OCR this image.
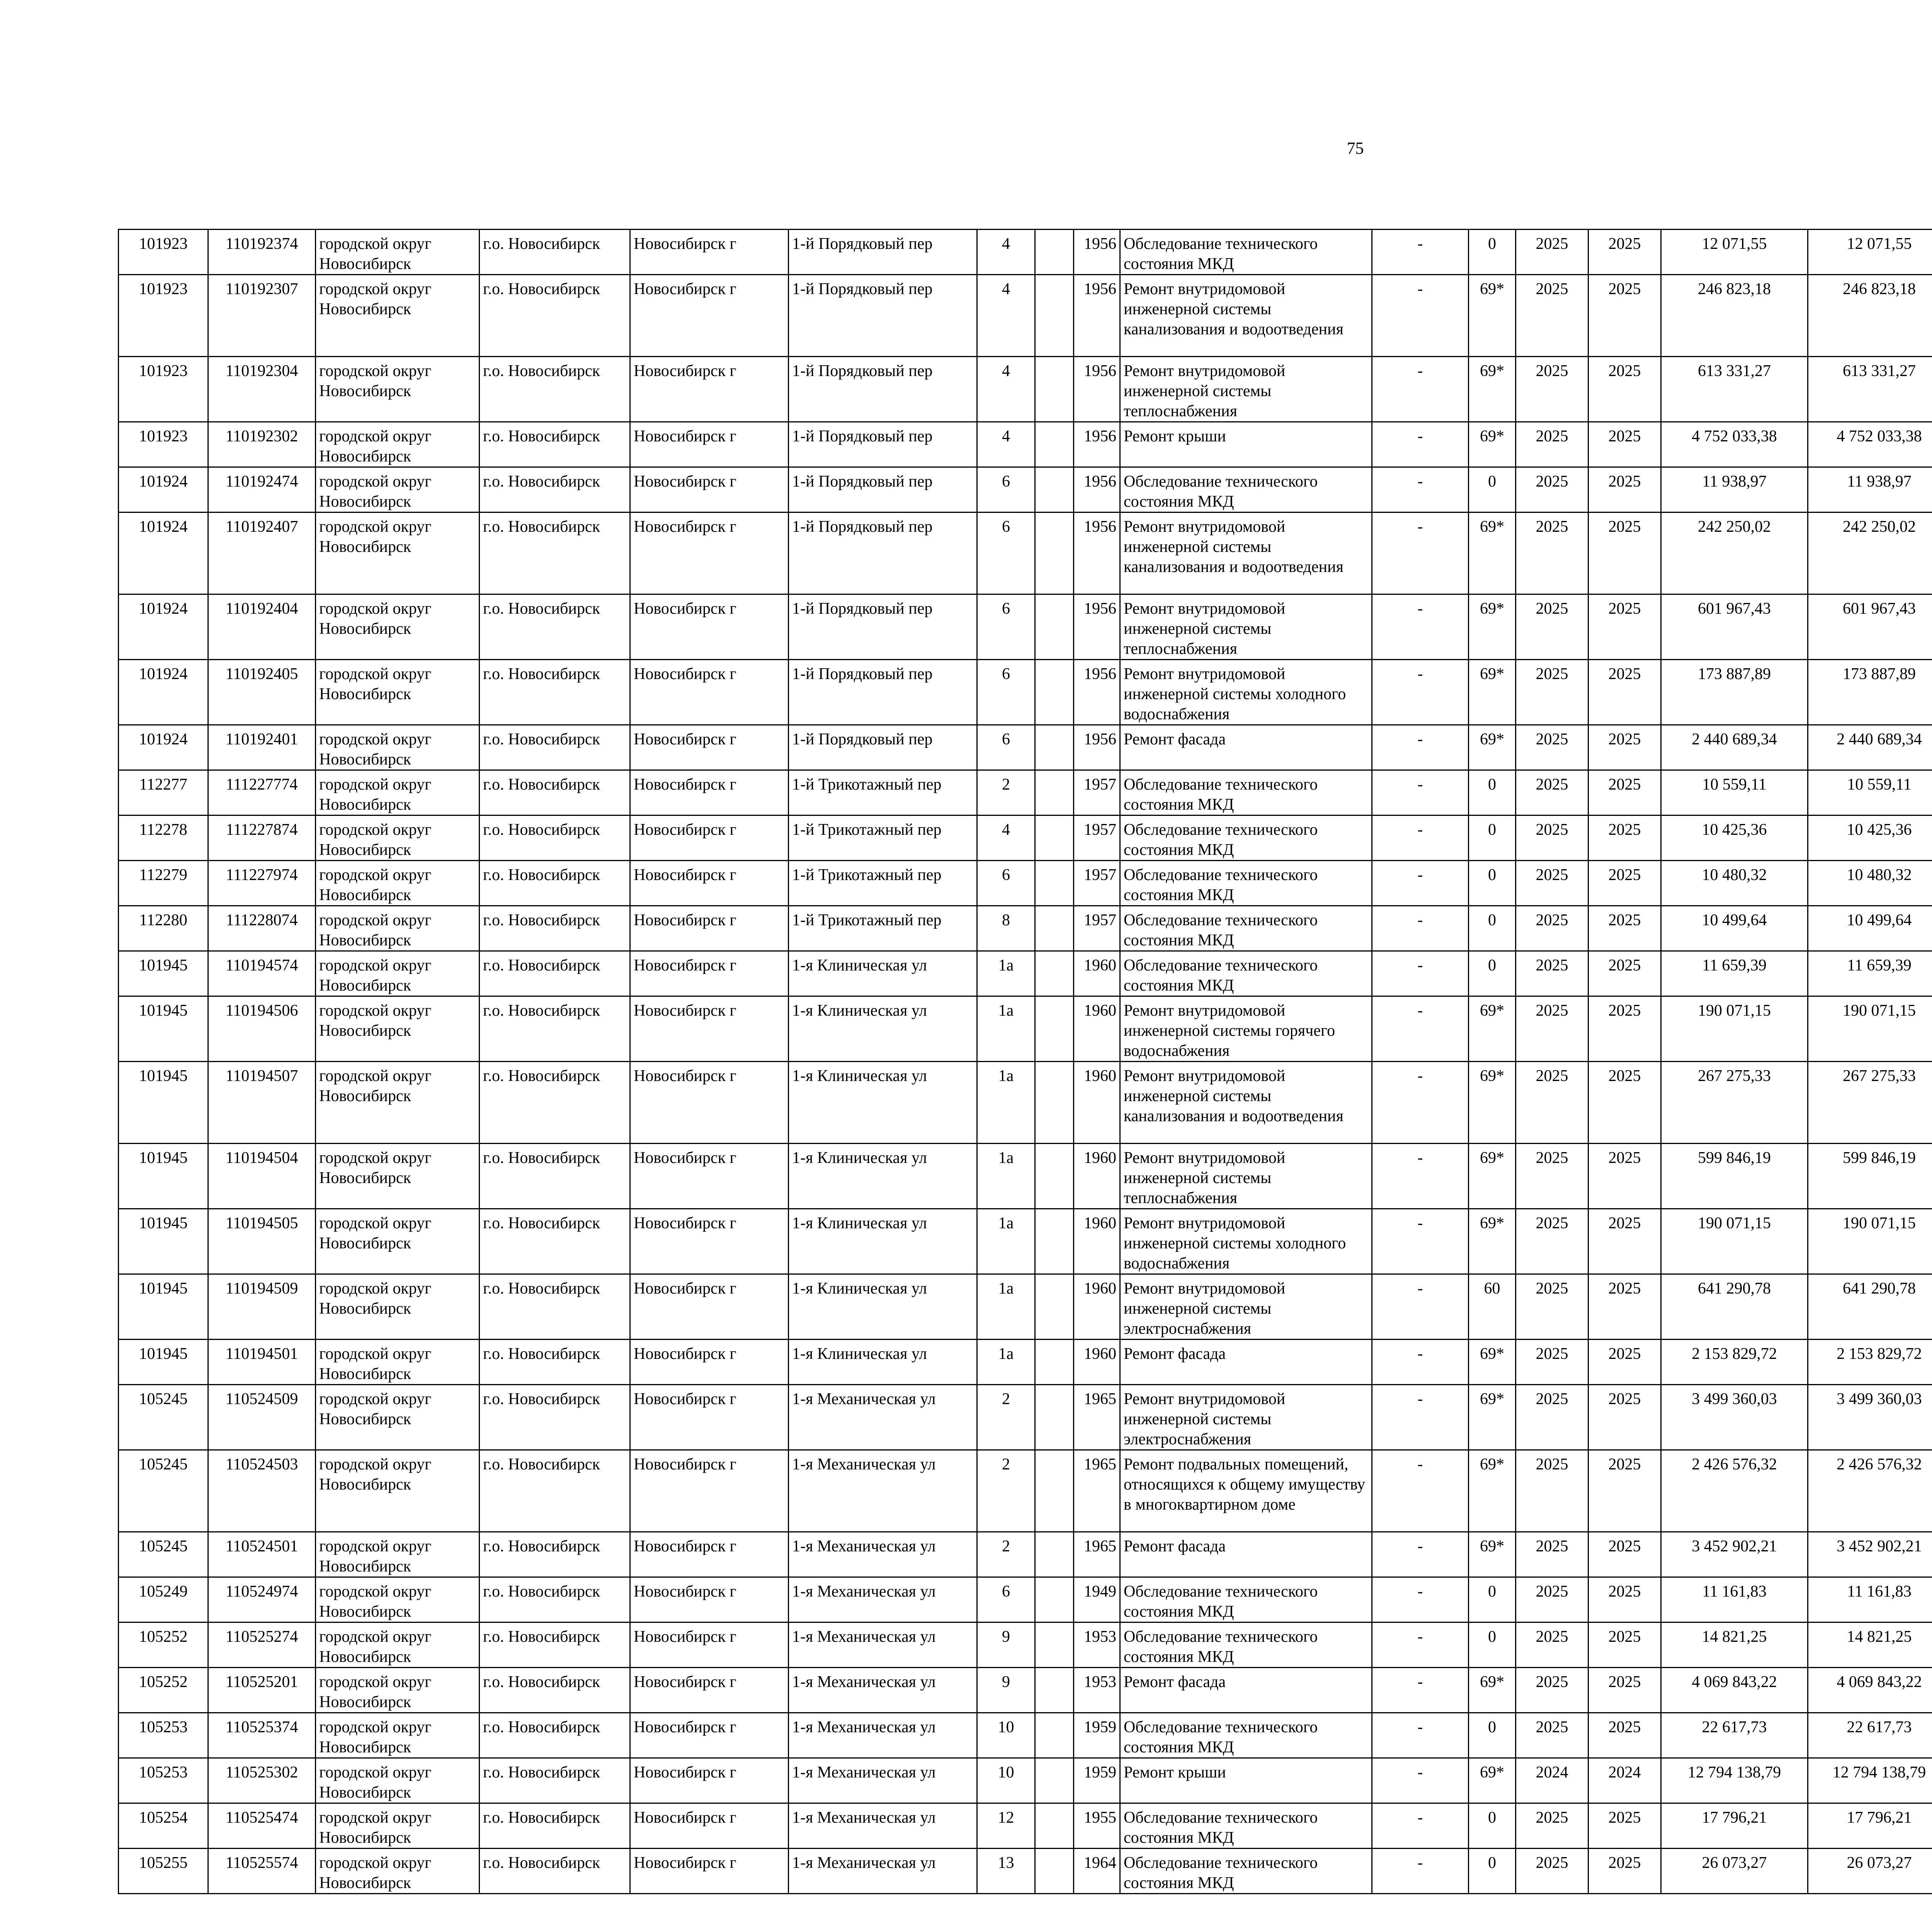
75
101923	110192374	городской округ Новосибирск	г.о. Новосибирск	Новосибирск г	1-й Порядковый пер	4		1956	Обследование технического состояния МКД	-	0	2025	2025	12 071,55	12 071,55						
101923	110192307	городской округ Новосибирск	г.о. Новосибирск	Новосибирск г	1-й Порядковый пер	4		1956	Ремонт внутридомовой инженерной системы канализования и водоотведения	-	69*	2025	2025	246 823,18	246 823,18						
101923	110192304	городской округ Новосибирск	г.о. Новосибирск	Новосибирск г	1-й Порядковый пер	4		1956	Ремонт внутридомовой инженерной системы теплоснабжения	-	69*	2025	2025	613 331,27	613 331,27						
101923	110192302	городской округ Новосибирск	г.о. Новосибирск	Новосибирск г	1-й Порядковый пер	4		1956	Ремонт крыши	-	69*	2025	2025	4 752 033,38	4 752 033,38						
101924	110192474	городской округ Новосибирск	г.о. Новосибирск	Новосибирск г	1-й Порядковый пер	6		1956	Обследование технического состояния МКД	-	0	2025	2025	11 938,97	11 938,97						
101924	110192407	городской округ Новосибирск	г.о. Новосибирск	Новосибирск г	1-й Порядковый пер	6		1956	Ремонт внутридомовой инженерной системы канализования и водоотведения	-	69*	2025	2025	242 250,02	242 250,02						
101924	110192404	городской округ Новосибирск	г.о. Новосибирск	Новосибирск г	1-й Порядковый пер	6		1956	Ремонт внутридомовой инженерной системы теплоснабжения	-	69*	2025	2025	601 967,43	601 967,43						
101924	110192405	городской округ Новосибирск	г.о. Новосибирск	Новосибирск г	1-й Порядковый пер	6		1956	Ремонт внутридомовой инженерной системы холодного водоснабжения	-	69*	2025	2025	173 887,89	173 887,89						
101924	110192401	городской округ Новосибирск	г.о. Новосибирск	Новосибирск г	1-й Порядковый пер	6		1956	Ремонт фасада	-	69*	2025	2025	2 440 689,34	2 440 689,34						
112277	111227774	городской округ Новосибирск	г.о. Новосибирск	Новосибирск г	1-й Трикотажный пер	2		1957	Обследование технического состояния МКД	-	0	2025	2025	10 559,11	10 559,11						
112278	111227874	городской округ Новосибирск	г.о. Новосибирск	Новосибирск г	1-й Трикотажный пер	4		1957	Обследование технического состояния МКД	-	0	2025	2025	10 425,36	10 425,36						
112279	111227974	городской округ Новосибирск	г.о. Новосибирск	Новосибирск г	1-й Трикотажный пер	6		1957	Обследование технического состояния МКД	-	0	2025	2025	10 480,32	10 480,32						
112280	111228074	городской округ Новосибирск	г.о. Новосибирск	Новосибирск г	1-й Трикотажный пер	8		1957	Обследование технического состояния МКД	-	0	2025	2025	10 499,64	10 499,64						
101945	110194574	городской округ Новосибирск	г.о. Новосибирск	Новосибирск г	1-я Клиническая ул	1а		1960	Обследование технического состояния МКД	-	0	2025	2025	11 659,39	11 659,39						
101945	110194506	городской округ Новосибирск	г.о. Новосибирск	Новосибирск г	1-я Клиническая ул	1а		1960	Ремонт внутридомовой инженерной системы горячего водоснабжения	-	69*	2025	2025	190 071,15	190 071,15						
101945	110194507	городской округ Новосибирск	г.о. Новосибирск	Новосибирск г	1-я Клиническая ул	1а		1960	Ремонт внутридомовой инженерной системы канализования и водоотведения	-	69*	2025	2025	267 275,33	267 275,33						
101945	110194504	городской округ Новосибирск	г.о. Новосибирск	Новосибирск г	1-я Клиническая ул	1а		1960	Ремонт внутридомовой инженерной системы теплоснабжения	-	69*	2025	2025	599 846,19	599 846,19						
101945	110194505	городской округ Новосибирск	г.о. Новосибирск	Новосибирск г	1-я Клиническая ул	1а		1960	Ремонт внутридомовой инженерной системы холодного водоснабжения	-	69*	2025	2025	190 071,15	190 071,15						
101945	110194509	городской округ Новосибирск	г.о. Новосибирск	Новосибирск г	1-я Клиническая ул	1а		1960	Ремонт внутридомовой инженерной системы электроснабжения	-	60	2025	2025	641 290,78	641 290,78						
101945	110194501	городской округ Новосибирск	г.о. Новосибирск	Новосибирск г	1-я Клиническая ул	1а		1960	Ремонт фасада	-	69*	2025	2025	2 153 829,72	2 153 829,72						
105245	110524509	городской округ Новосибирск	г.о. Новосибирск	Новосибирск г	1-я Механическая ул	2		1965	Ремонт внутридомовой инженерной системы электроснабжения	-	69*	2025	2025	3 499 360,03	3 499 360,03						
105245	110524503	городской округ Новосибирск	г.о. Новосибирск	Новосибирск г	1-я Механическая ул	2		1965	Ремонт подвальных помещений, относящихся к общему имуществу в многоквартирном доме	-	69*	2025	2025	2 426 576,32	2 426 576,32						
105245	110524501	городской округ Новосибирск	г.о. Новосибирск	Новосибирск г	1-я Механическая ул	2		1965	Ремонт фасада	-	69*	2025	2025	3 452 902,21	3 452 902,21						
105249	110524974	городской округ Новосибирск	г.о. Новосибирск	Новосибирск г	1-я Механическая ул	6		1949	Обследование технического состояния МКД	-	0	2025	2025	11 161,83	11 161,83						
105252	110525274	городской округ Новосибирск	г.о. Новосибирск	Новосибирск г	1-я Механическая ул	9		1953	Обследование технического состояния МКД	-	0	2025	2025	14 821,25	14 821,25						
105252	110525201	городской округ Новосибирск	г.о. Новосибирск	Новосибирск г	1-я Механическая ул	9		1953	Ремонт фасада	-	69*	2025	2025	4 069 843,22	4 069 843,22						
105253	110525374	городской округ Новосибирск	г.о. Новосибирск	Новосибирск г	1-я Механическая ул	10		1959	Обследование технического состояния МКД	-	0	2025	2025	22 617,73	22 617,73						
105253	110525302	городской округ Новосибирск	г.о. Новосибирск	Новосибирск г	1-я Механическая ул	10		1959	Ремонт крыши	-	69*	2024	2024	12 794 138,79	12 794 138,79						
105254	110525474	городской округ Новосибирск	г.о. Новосибирск	Новосибирск г	1-я Механическая ул	12		1955	Обследование технического состояния МКД	-	0	2025	2025	17 796,21	17 796,21						
105255	110525574	городской округ Новосибирск	г.о. Новосибирск	Новосибирск г	1-я Механическая ул	13		1964	Обследование технического состояния МКД	-	0	2025	2025	26 073,27	26 073,27						
